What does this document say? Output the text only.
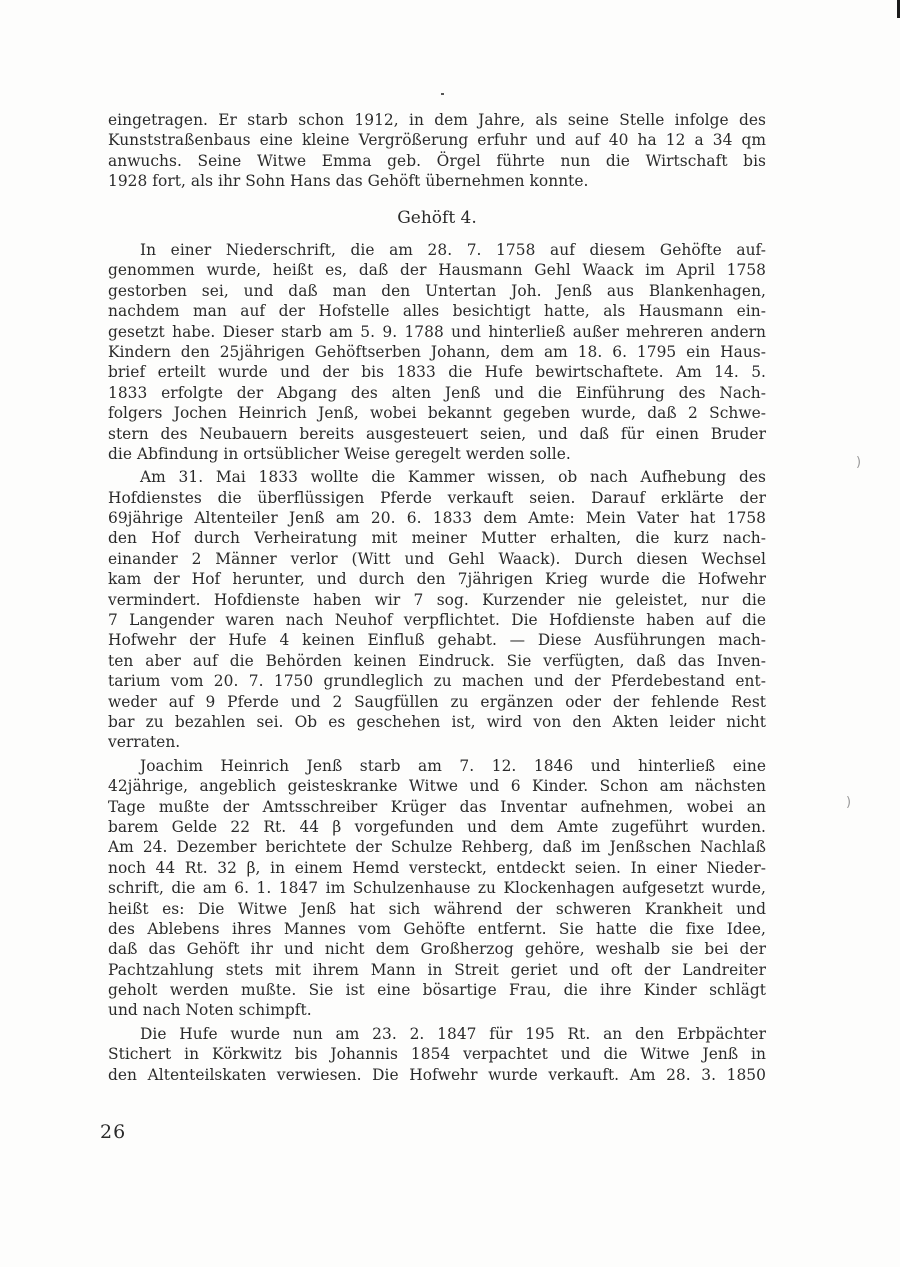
eingetragen. Er starb schon 1912, in dem Jahre, als seine Stelle infolge des
Kunststraßenbaus eine kleine Vergrößerung erfuhr und auf 40 ha 12 a 34 qm
anwuchs. Seine Witwe Emma geb. Örgel führte nun die Wirtschaft bis
1928 fort, als ihr Sohn Hans das Gehöft übernehmen konnte.
Gehöft 4.
In einer Niederschrift, die am 28. 7. 1758 auf diesem Gehöfte auf-
genommen wurde, heißt es, daß der Hausmann Gehl Waack im April 1758
gestorben sei, und daß man den Untertan Joh. Jenß aus Blankenhagen,
nachdem man auf der Hofstelle alles besichtigt hatte, als Hausmann ein-
gesetzt habe. Dieser starb am 5. 9. 1788 und hinterließ außer mehreren andern
Kindern den 25jährigen Gehöftserben Johann, dem am 18. 6. 1795 ein Haus-
brief erteilt wurde und der bis 1833 die Hufe bewirtschaftete. Am 14. 5.
1833 erfolgte der Abgang des alten Jenß und die Einführung des Nach-
folgers Jochen Heinrich Jenß, wobei bekannt gegeben wurde, daß 2 Schwe-
stern des Neubauern bereits ausgesteuert seien, und daß für einen Bruder
die Abfindung in ortsüblicher Weise geregelt werden solle.
Am 31. Mai 1833 wollte die Kammer wissen, ob nach Aufhebung des
Hofdienstes die überflüssigen Pferde verkauft seien. Darauf erklärte der
69jährige Altenteiler Jenß am 20. 6. 1833 dem Amte: Mein Vater hat 1758
den Hof durch Verheiratung mit meiner Mutter erhalten, die kurz nach-
einander 2 Männer verlor (Witt und Gehl Waack). Durch diesen Wechsel
kam der Hof herunter, und durch den 7jährigen Krieg wurde die Hofwehr
vermindert. Hofdienste haben wir 7 sog. Kurzender nie geleistet, nur die
7 Langender waren nach Neuhof verpflichtet. Die Hofdienste haben auf die
Hofwehr der Hufe 4 keinen Einfluß gehabt. — Diese Ausführungen mach-
ten aber auf die Behörden keinen Eindruck. Sie verfügten, daß das Inven-
tarium vom 20. 7. 1750 grundleglich zu machen und der Pferdebestand ent-
weder auf 9 Pferde und 2 Saugfüllen zu ergänzen oder der fehlende Rest
bar zu bezahlen sei. Ob es geschehen ist, wird von den Akten leider nicht
verraten.
Joachim Heinrich Jenß starb am 7. 12. 1846 und hinterließ eine
42jährige, angeblich geisteskranke Witwe und 6 Kinder. Schon am nächsten
Tage mußte der Amtsschreiber Krüger das Inventar aufnehmen, wobei an
barem Gelde 22 Rt. 44 β vorgefunden und dem Amte zugeführt wurden.
Am 24. Dezember berichtete der Schulze Rehberg, daß im Jenßschen Nachlaß
noch 44 Rt. 32 β, in einem Hemd versteckt, entdeckt seien. In einer Nieder-
schrift, die am 6. 1. 1847 im Schulzenhause zu Klockenhagen aufgesetzt wurde,
heißt es: Die Witwe Jenß hat sich während der schweren Krankheit und
des Ablebens ihres Mannes vom Gehöfte entfernt. Sie hatte die fixe Idee,
daß das Gehöft ihr und nicht dem Großherzog gehöre, weshalb sie bei der
Pachtzahlung stets mit ihrem Mann in Streit geriet und oft der Landreiter
geholt werden mußte. Sie ist eine bösartige Frau, die ihre Kinder schlägt
und nach Noten schimpft.
Die Hufe wurde nun am 23. 2. 1847 für 195 Rt. an den Erbpächter
Stichert in Körkwitz bis Johannis 1854 verpachtet und die Witwe Jenß in
den Altenteilskaten verwiesen. Die Hofwehr wurde verkauft. Am 28. 3. 1850
)
)
26
